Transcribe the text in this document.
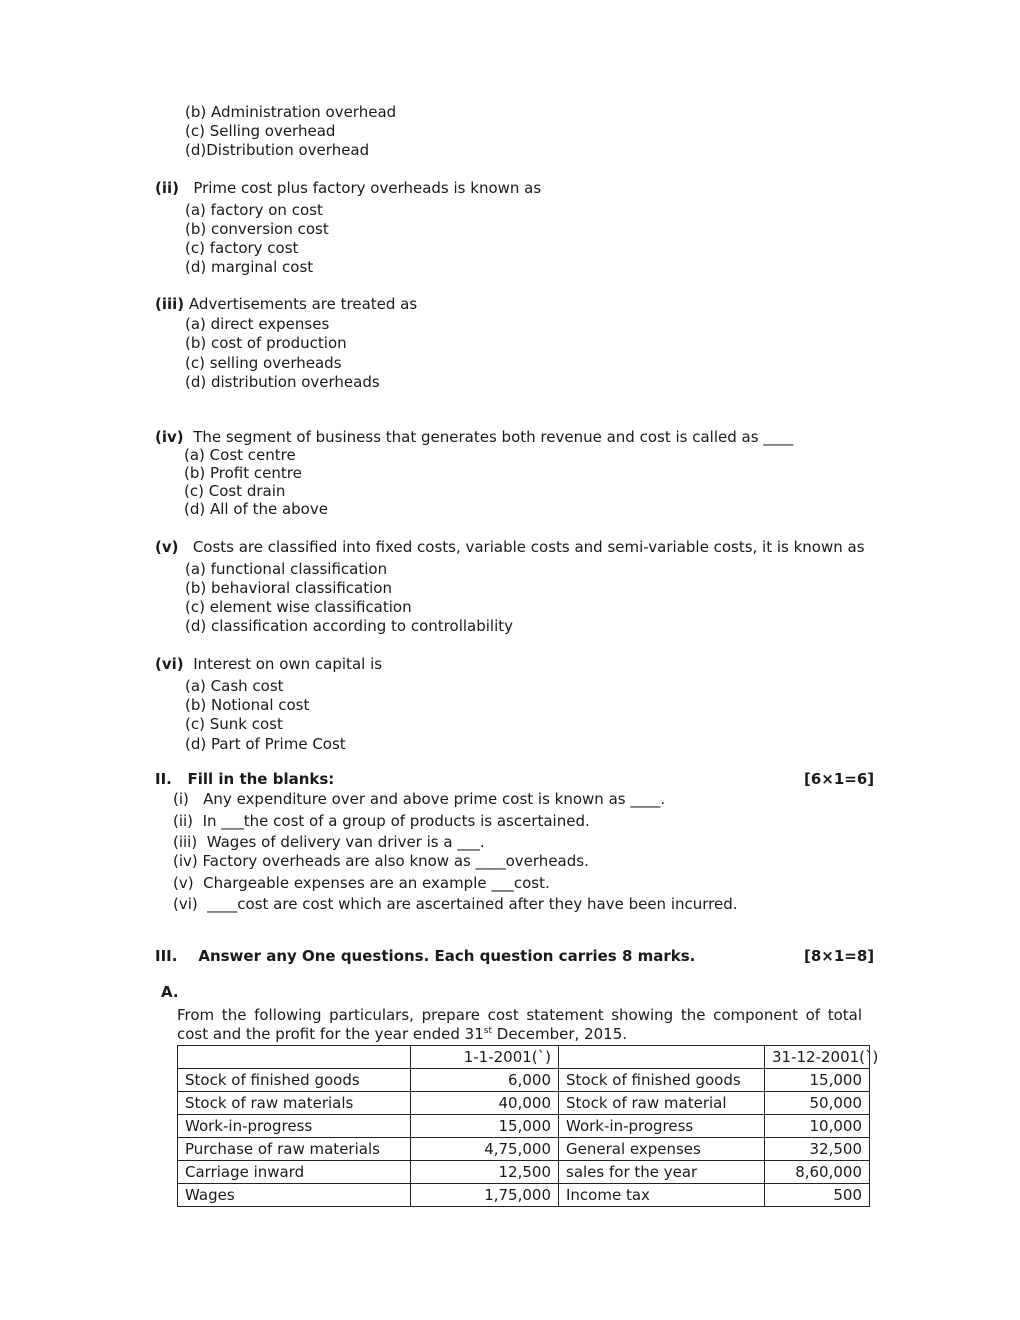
(b) Administration overhead
(c) Selling overhead
(d)Distribution overhead
(ii) Prime cost plus factory overheads is known as
(a) factory on cost
(b) conversion cost
(c) factory cost
(d) marginal cost
(iii) Advertisements are treated as
(a) direct expenses
(b) cost of production
(c) selling overheads
(d) distribution overheads
(iv) The segment of business that generates both revenue and cost is called as ____
(a) Cost centre
(b) Profit centre
(c) Cost drain
(d) All of the above
(v) Costs are classified into fixed costs, variable costs and semi-variable costs, it is known as
(a) functional classification
(b) behavioral classification
(c) element wise classification
(d) classification according to controllability
(vi) Interest on own capital is
(a) Cash cost
(b) Notional cost
(c) Sunk cost
(d) Part of Prime Cost
II.   Fill in the blanks:	[6×1=6]
(i)   Any expenditure over and above prime cost is known as ____.
(ii)  In ___the cost of a group of products is ascertained.
(iii)  Wages of delivery van driver is a ___.
(iv) Factory overheads are also know as ____overheads.
(v)  Chargeable expenses are an example ___cost.
(vi)  ____cost are cost which are ascertained after they have been incurred.
III.    Answer any One questions. Each question carries 8 marks.	[8×1=8]
A.
From the following particulars, prepare cost statement showing the component of total
cost and the profit for the year ended 31st December, 2015.
	1-1-2001(`)		31-12-2001(`)
Stock of finished goods	6,000	Stock of finished goods	15,000
Stock of raw materials	40,000	Stock of raw material	50,000
Work-in-progress	15,000	Work-in-progress	10,000
Purchase of raw materials	4,75,000	General expenses	32,500
Carriage inward	12,500	sales for the year	8,60,000
Wages	1,75,000	Income tax	500
